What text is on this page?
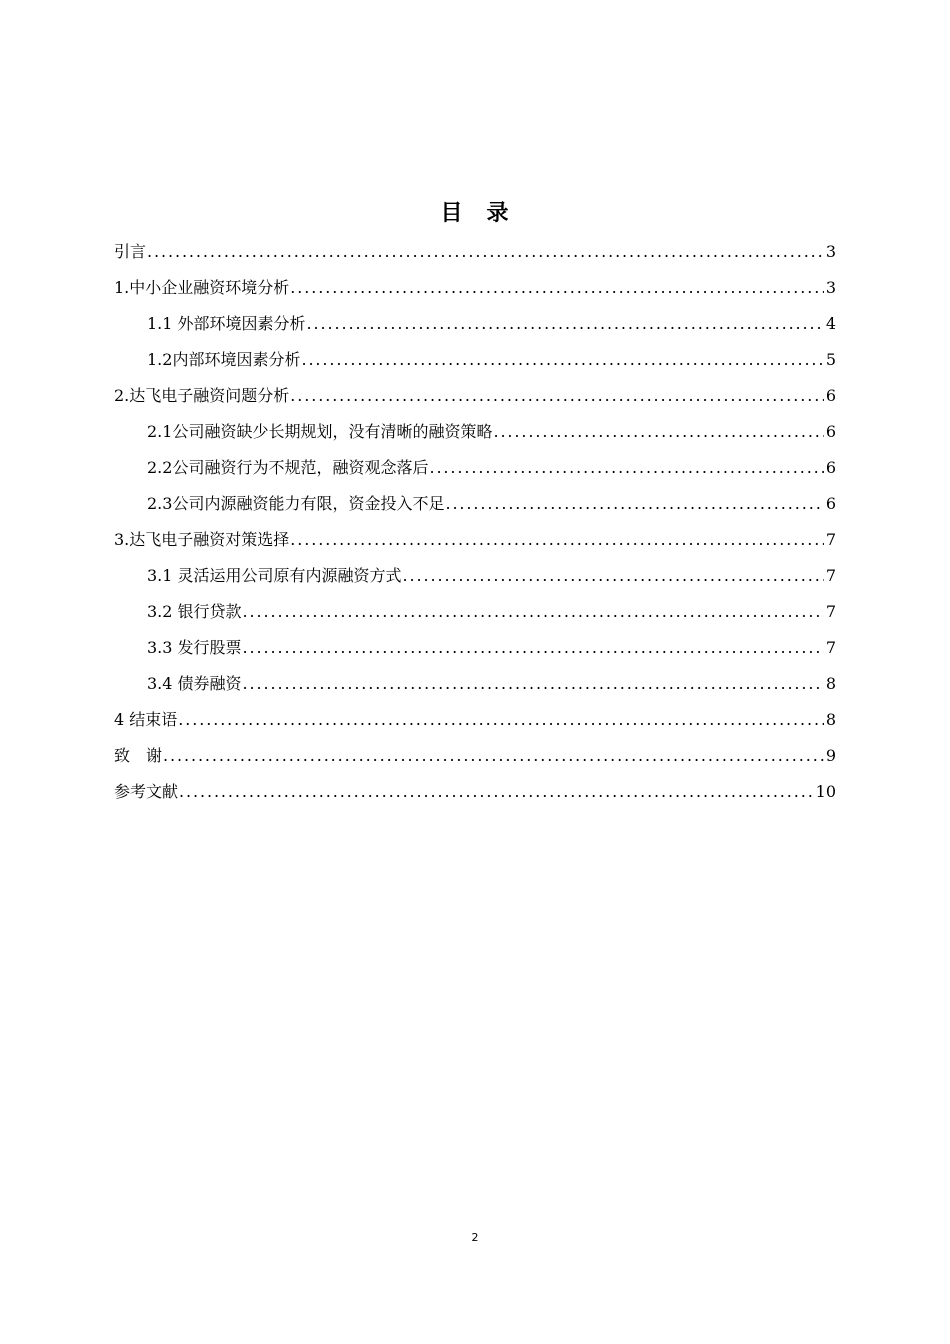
目　录
引言 .....	3
1.中小企业融资环境分析 .....	3
1.1 外部环境因素分析 .....	4
1.2内部环境因素分析 .....	5
2.达飞电子融资问题分析 .....	6
2.1公司融资缺少长期规划，没有清晰的融资策略 .....	6
2.2公司融资行为不规范，融资观念落后 .....	6
2.3公司内源融资能力有限，资金投入不足 .....	6
3.达飞电子融资对策选择 .....	7
3.1 灵活运用公司原有内源融资方式 .....	7
3.2 银行贷款 .....	7
3.3 发行股票 .....	7
3.4 债券融资 .....	8
4 结束语 .....	8
致　谢 .....	9
参考文献 .....	10
2
